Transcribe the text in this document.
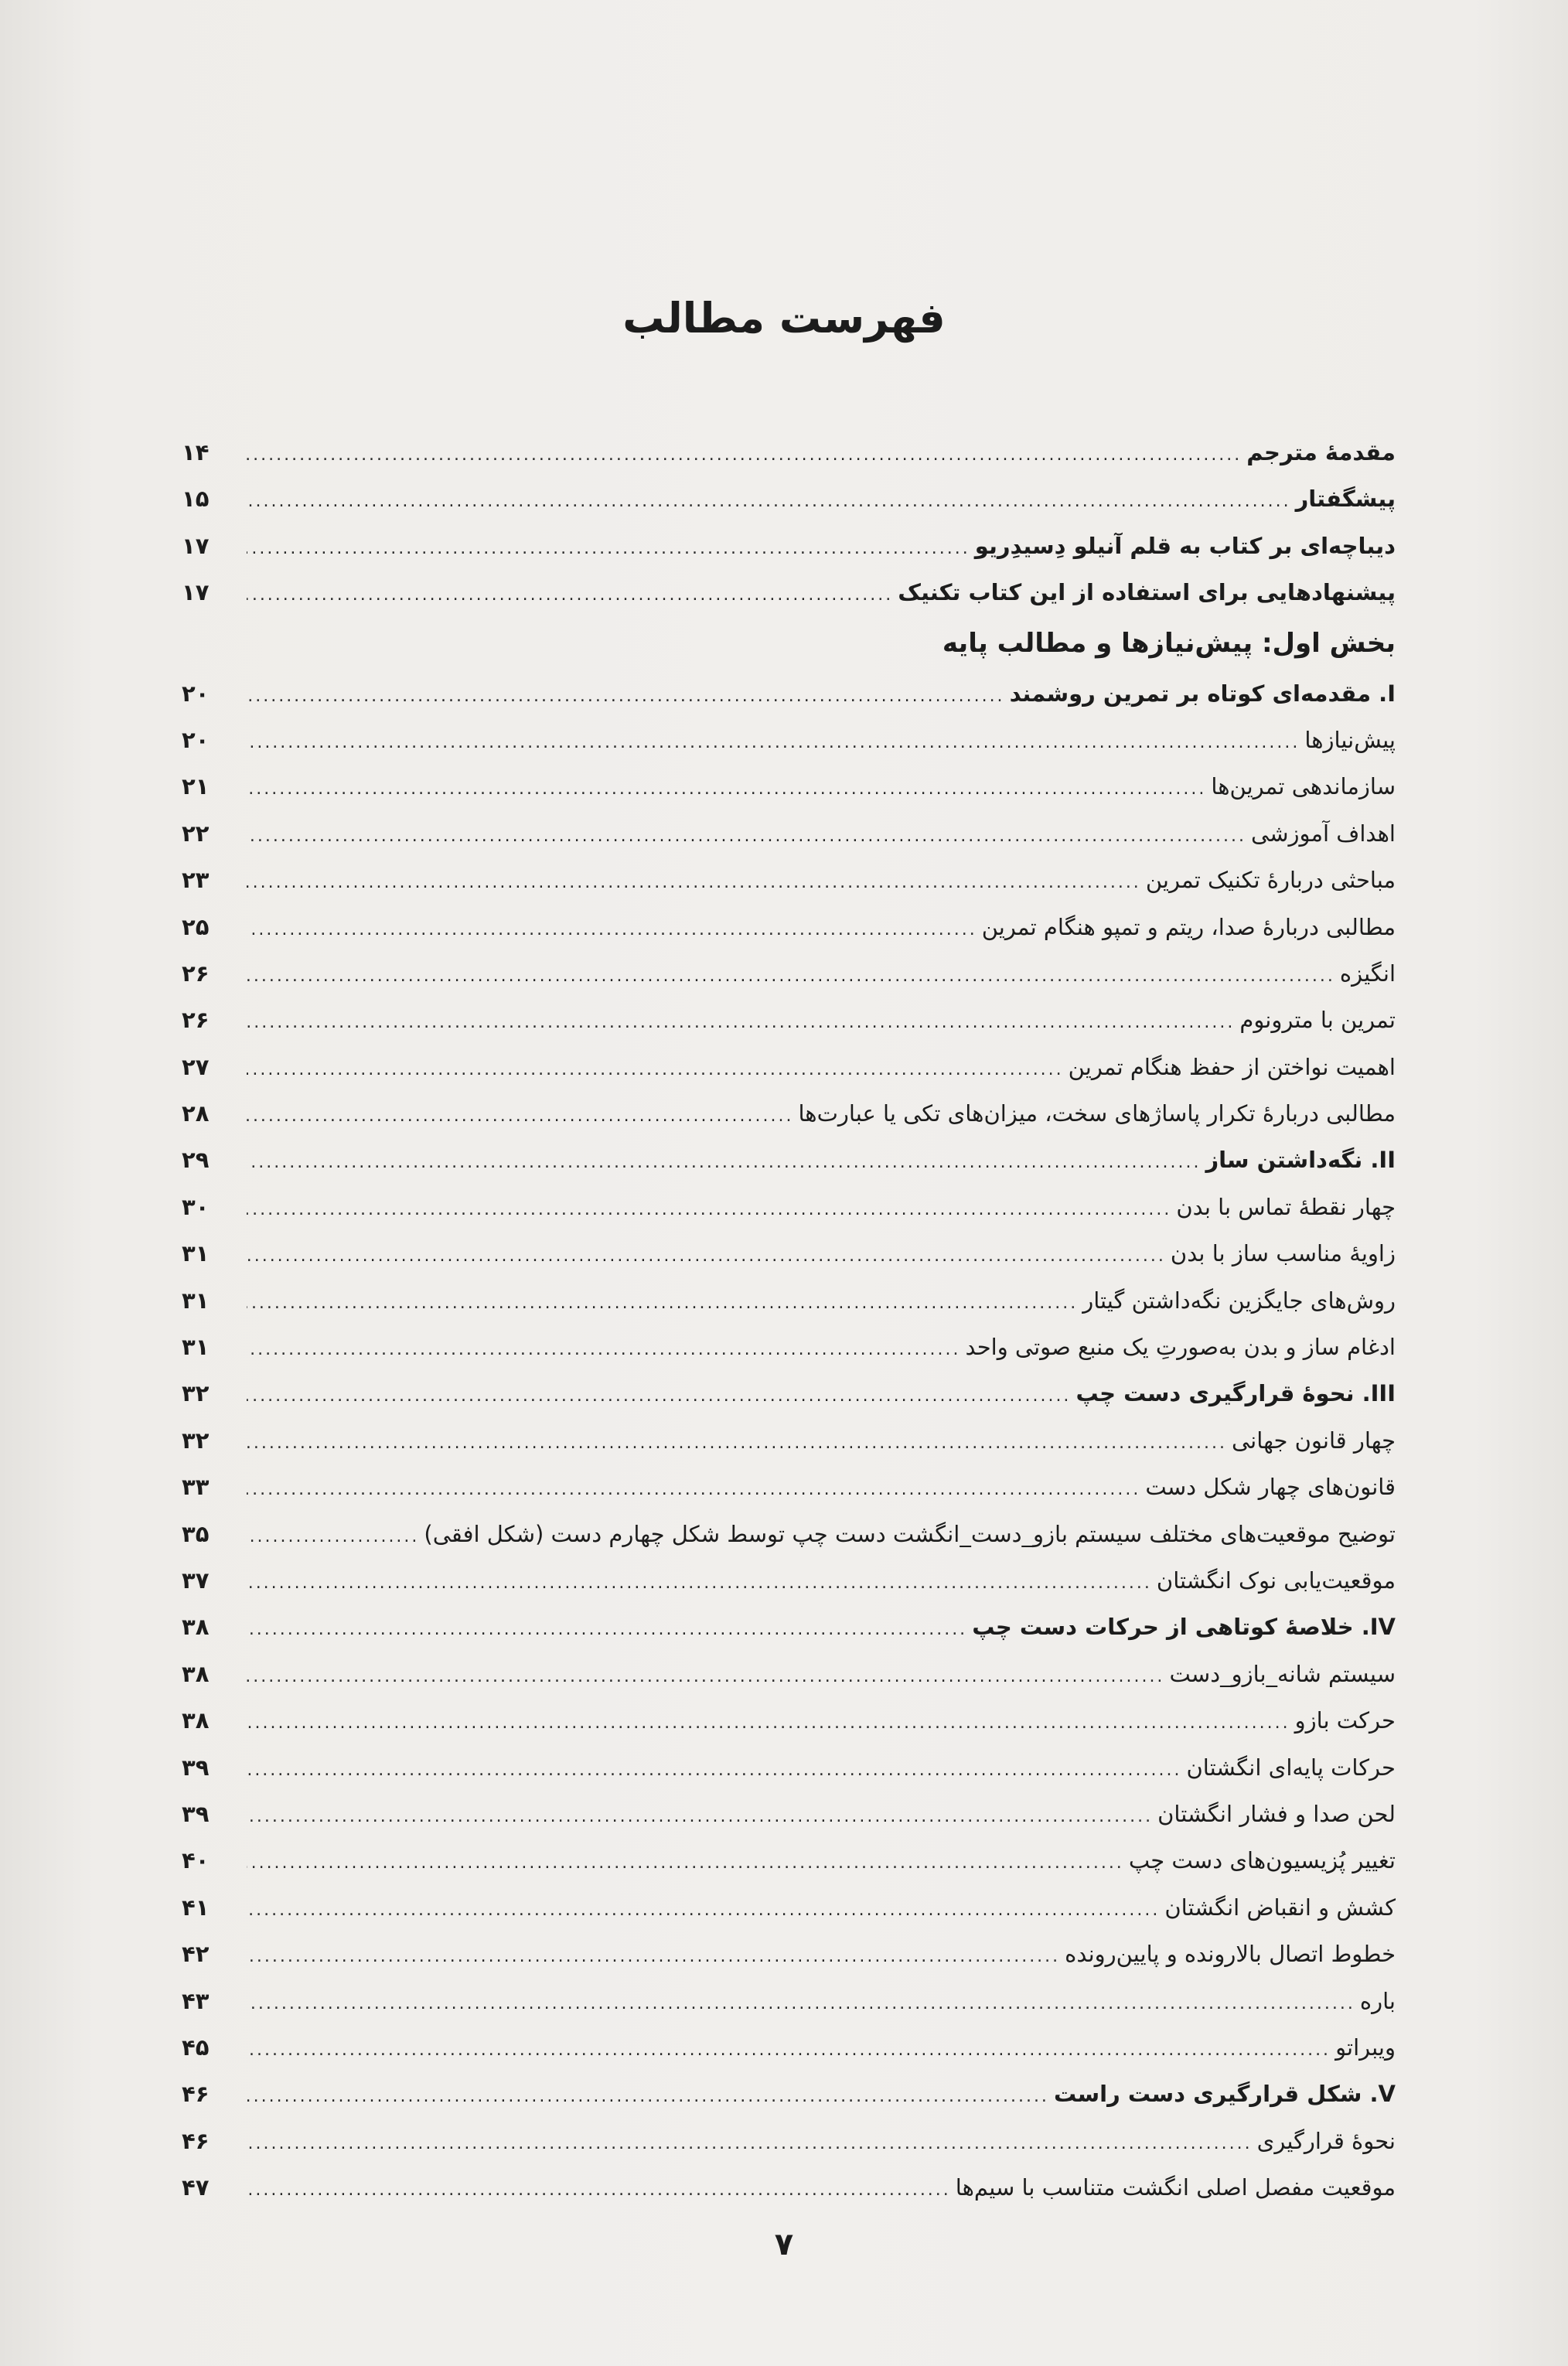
فهرست مطالب
مقدمهٔ مترجم
.....
۱۴
پیشگفتار
.....
۱۵
دیباچه‌ای بر کتاب به قلم آنیلو دِسیدِریو
.....
۱۷
پیشنهادهایی برای استفاده از این کتاب تکنیک
.....
۱۷
بخش اول: پیش‌نیازها و مطالب پایه
I. مقدمه‌ای کوتاه بر تمرین روشمند
.....
۲۰
پیش‌نیازها
.....
۲۰
سازماندهی تمرین‌ها
.....
۲۱
اهداف آموزشی
.....
۲۲
مباحثی دربارهٔ تکنیک تمرین
.....
۲۳
مطالبی دربارهٔ صدا، ریتم و تمپو هنگام تمرین
.....
۲۵
انگیزه
.....
۲۶
تمرین با مترونوم
.....
۲۶
اهمیت نواختن از حفظ هنگام تمرین
.....
۲۷
مطالبی دربارهٔ تکرار پاساژهای سخت، میزان‌های تکی یا عبارت‌ها
.....
۲۸
II. نگه‌داشتن ساز
.....
۲۹
چهار نقطهٔ تماس با بدن
.....
۳۰
زاویهٔ مناسب ساز با بدن
.....
۳۱
روش‌های جایگزین نگه‌داشتن گیتار
.....
۳۱
ادغام ساز و بدن به‌صورتِ یک منبع صوتی واحد
.....
۳۱
III. نحوهٔ قرارگیری دست چپ
.....
۳۲
چهار قانون جهانی
.....
۳۲
قانون‌های چهار شکل دست
.....
۳۳
توضیح موقعیت‌های مختلف سیستم بازو_دست_انگشت دست چپ توسط شکل چهارم دست (شکل افقی)
.....
۳۵
موقعیت‌یابی نوک انگشتان
.....
۳۷
IV. خلاصهٔ کوتاهی از حرکات دست چپ
.....
۳۸
سیستم شانه_بازو_دست
.....
۳۸
حرکت بازو
.....
۳۸
حرکات پایه‌ای انگشتان
.....
۳۹
لحن صدا و فشار انگشتان
.....
۳۹
تغییر پُزیسیون‌های دست چپ
.....
۴۰
کشش و انقباض انگشتان
.....
۴۱
خطوط اتصال بالارونده و پایین‌رونده
.....
۴۲
باره
.....
۴۳
ویبراتو
.....
۴۵
V. شکل قرارگیری دست راست
.....
۴۶
نحوهٔ قرارگیری
.....
۴۶
موقعیت مفصل اصلی انگشت متناسب با سیم‌ها
.....
۴۷
۷
